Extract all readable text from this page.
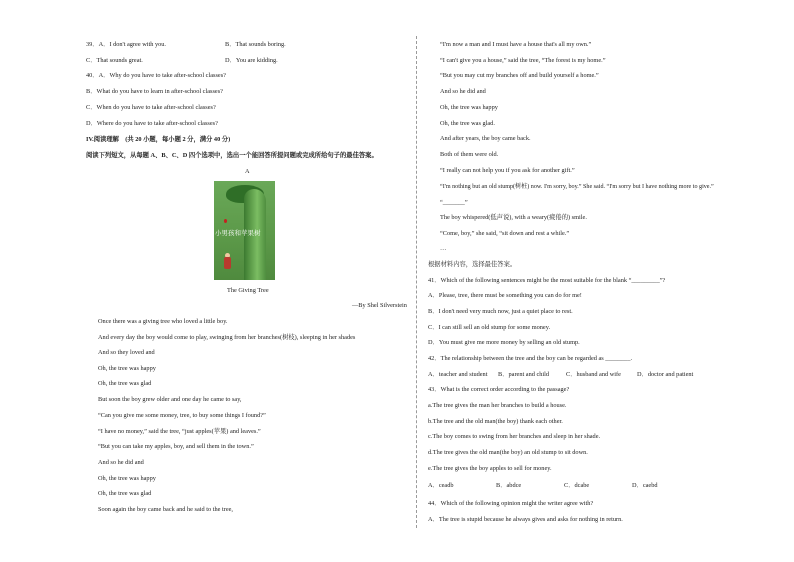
39．A．I don't agree with you.	B．That sounds boring.
C．That sounds great.	D．You are kidding.
40．A．Why do you have to take after-school classes?
B．What do you have to learn in after-school classes?
C．When do you have to take after-school classes?
D．Where do you have to take after-school classes?
IV.阅读理解　(共 20 小题，每小题 2 分，满分 40 分)
阅读下列短文，从每题 A、B、C、D 四个选项中，选出一个能回答所提问题或完成所给句子的最佳答案。
A
小男孩和苹果树
The Giving Tree
—By Shel Silverstein
Once there was a giving tree who loved a little boy.
And every day the boy would come to play, swinging from her branches(树枝), sleeping in her shades
And so they loved and
Oh, the tree was happy
Oh, the tree was glad
But soon the boy grew older and one day he came to say,
“Can you give me some money, tree, to buy some things I found?”
“I have no money,” said the tree, “just apples(苹果) and leaves.”
“But you can take my apples, boy, and sell them in the town.”
And so he did and
Oh, the tree was happy
Oh, the tree was glad
Soon again the boy came back and he said to the tree,
“I'm now a man and I must have a house that's all my own.”
“I can't give you a house,” said the tree, “The forest is my home.”
“But you may cut my branches off and build yourself a home.”
And so he did and
Oh, the tree was happy
Oh, the tree was glad.
And after years, the boy came back.
Both of them were old.
“I really can not help you if you ask for another gift.”
“I'm nothing but an old stump(树桩) now. I'm sorry, boy.” She said. “I'm sorry but I have nothing more to give.”
“_______”
The boy whispered(低声说), with a weary(疲倦的) smile.
“Come, boy,” she said, “sit down and rest a while.”
…
根据材料内容，选择最佳答案。
41．Which of the following sentences might be the most suitable for the blank “_________”?
A．Please, tree, there must be something you can do for me!
B．I don't need very much now, just a quiet place to rest.
C．I can still sell an old stump for some money.
D．You must give me more money by selling an old stump.
42．The relationship between the tree and the boy can be regarded as ________.
A．teacher and student B．parent and child	C．husband and wife	D．doctor and patient
43．What is the correct order according to the passage?
a.The tree gives the man her branches to build a house.
b.The tree and the old man(the boy) thank each other.
c.The boy comes to swing from her branches and sleep in her shade.
d.The tree gives the old man(the boy) an old stump to sit down.
e.The tree gives the boy apples to sell for money.
A．ceadb	B．abdce	C．dcabe	D．caebd
44．Which of the following opinion might the writer agree with?
A．The tree is stupid because he always gives and asks for nothing in return.
